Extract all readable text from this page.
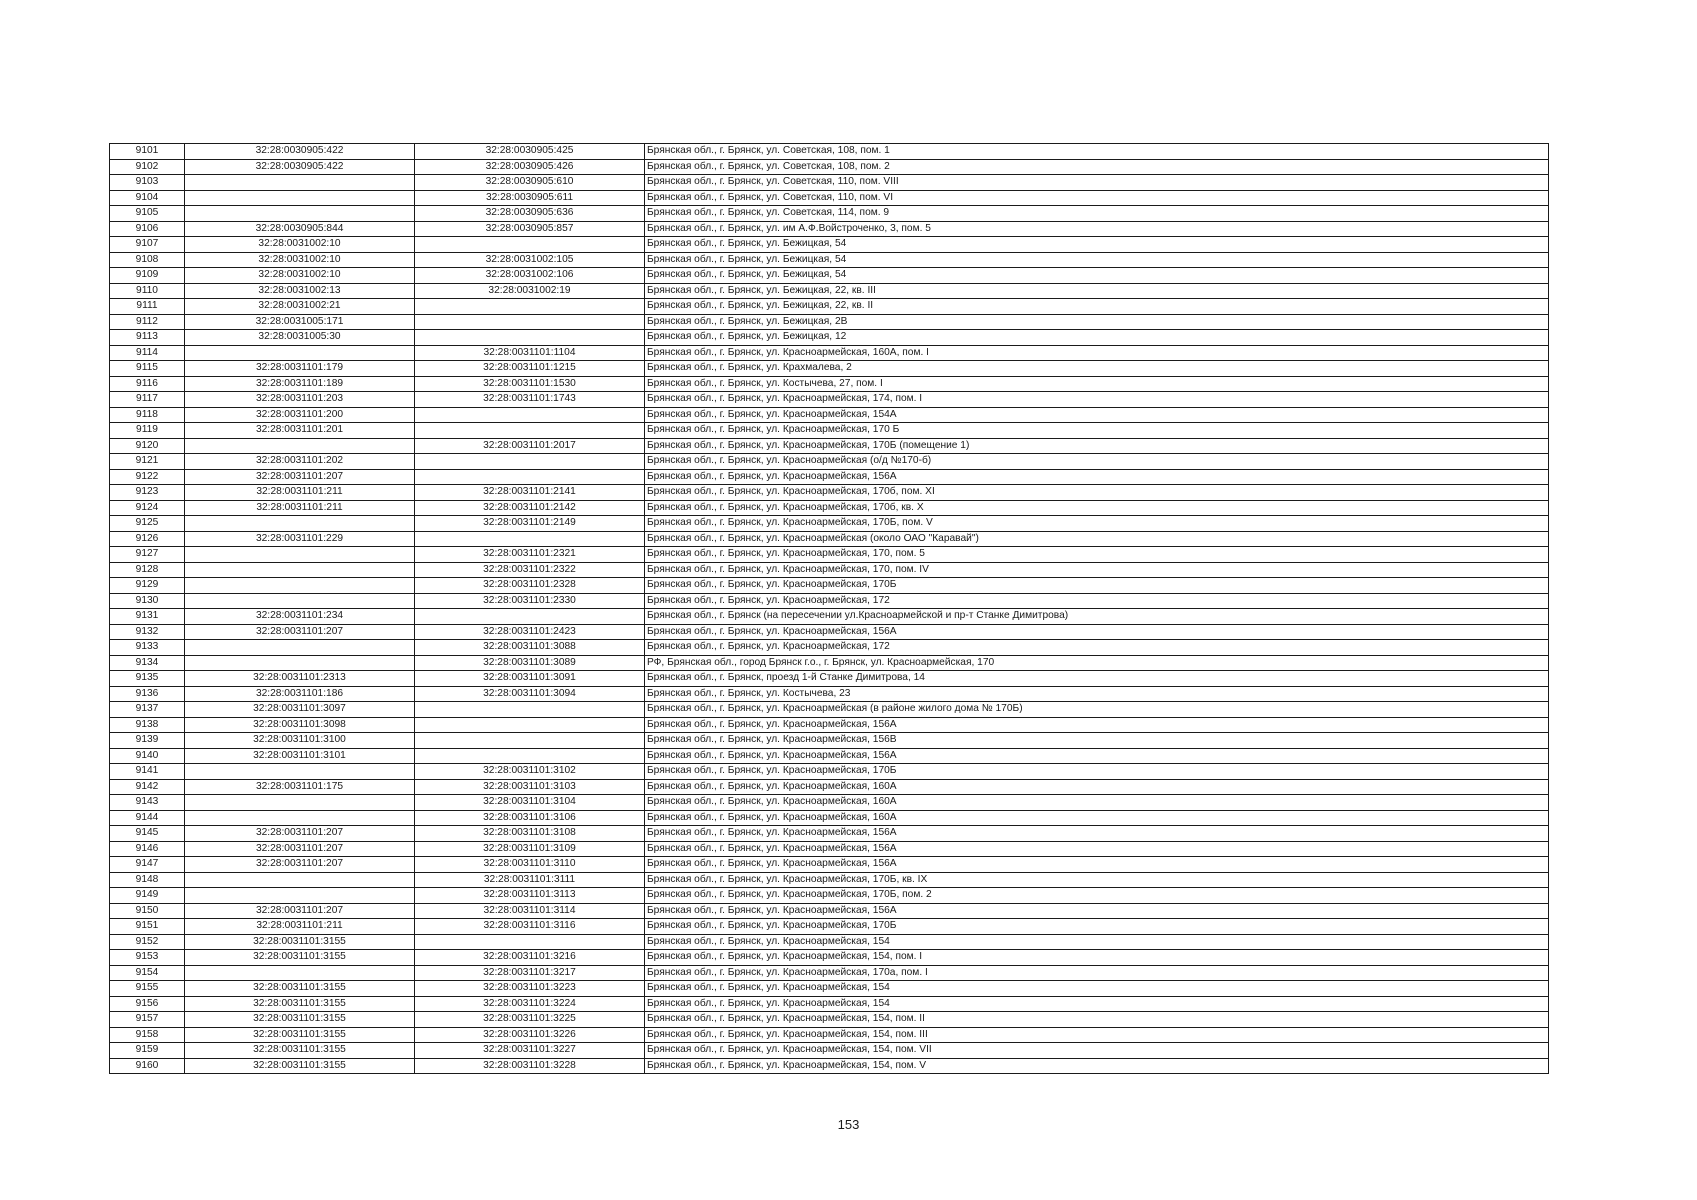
9101	32:28:0030905:422	32:28:0030905:425	Брянская обл., г. Брянск, ул. Советская, 108, пом. 1
9102	32:28:0030905:422	32:28:0030905:426	Брянская обл., г. Брянск, ул. Советская, 108, пом. 2
9103		32:28:0030905:610	Брянская обл., г. Брянск, ул. Советская, 110, пом. VIII
9104		32:28:0030905:611	Брянская обл., г. Брянск, ул. Советская, 110, пом. VI
9105		32:28:0030905:636	Брянская обл., г. Брянск, ул. Советская, 114, пом. 9
9106	32:28:0030905:844	32:28:0030905:857	Брянская обл., г. Брянск, ул. им А.Ф.Войстроченко, 3, пом. 5
9107	32:28:0031002:10		Брянская обл., г. Брянск, ул. Бежицкая, 54
9108	32:28:0031002:10	32:28:0031002:105	Брянская обл., г. Брянск, ул. Бежицкая, 54
9109	32:28:0031002:10	32:28:0031002:106	Брянская обл., г. Брянск, ул. Бежицкая, 54
9110	32:28:0031002:13	32:28:0031002:19	Брянская обл., г. Брянск, ул. Бежицкая, 22, кв. III
9111	32:28:0031002:21		Брянская обл., г. Брянск, ул. Бежицкая, 22, кв. II
9112	32:28:0031005:171		Брянская обл., г. Брянск, ул. Бежицкая, 2В
9113	32:28:0031005:30		Брянская обл., г. Брянск, ул. Бежицкая, 12
9114		32:28:0031101:1104	Брянская обл., г. Брянск, ул. Красноармейская, 160А, пом. I
9115	32:28:0031101:179	32:28:0031101:1215	Брянская обл., г. Брянск, ул. Крахмалева, 2
9116	32:28:0031101:189	32:28:0031101:1530	Брянская обл., г. Брянск, ул. Костычева, 27, пом. I
9117	32:28:0031101:203	32:28:0031101:1743	Брянская обл., г. Брянск, ул. Красноармейская, 174, пом. I
9118	32:28:0031101:200		Брянская обл., г. Брянск, ул. Красноармейская, 154А
9119	32:28:0031101:201		Брянская обл., г. Брянск, ул. Красноармейская, 170 Б
9120		32:28:0031101:2017	Брянская обл., г. Брянск, ул. Красноармейская, 170Б (помещение 1)
9121	32:28:0031101:202		Брянская обл., г. Брянск, ул. Красноармейская (о/д №170-б)
9122	32:28:0031101:207		Брянская обл., г. Брянск, ул. Красноармейская, 156А
9123	32:28:0031101:211	32:28:0031101:2141	Брянская обл., г. Брянск, ул. Красноармейская, 170б, пом. XI
9124	32:28:0031101:211	32:28:0031101:2142	Брянская обл., г. Брянск, ул. Красноармейская, 170б, кв. Х
9125		32:28:0031101:2149	Брянская обл., г. Брянск, ул. Красноармейская, 170Б, пом. V
9126	32:28:0031101:229		Брянская обл., г. Брянск, ул. Красноармейская (около ОАО "Каравай")
9127		32:28:0031101:2321	Брянская обл., г. Брянск, ул. Красноармейская, 170, пом. 5
9128		32:28:0031101:2322	Брянская обл., г. Брянск, ул. Красноармейская, 170, пом. IV
9129		32:28:0031101:2328	Брянская обл., г. Брянск, ул. Красноармейская, 170Б
9130		32:28:0031101:2330	Брянская обл., г. Брянск, ул. Красноармейская, 172
9131	32:28:0031101:234		Брянская обл., г. Брянск (на пересечении ул.Красноармейской и пр-т Станке Димитрова)
9132	32:28:0031101:207	32:28:0031101:2423	Брянская обл., г. Брянск, ул. Красноармейская, 156А
9133		32:28:0031101:3088	Брянская обл., г. Брянск, ул. Красноармейская, 172
9134		32:28:0031101:3089	РФ, Брянская обл., город Брянск г.о., г. Брянск, ул. Красноармейская, 170
9135	32:28:0031101:2313	32:28:0031101:3091	Брянская обл., г. Брянск, проезд 1-й Станке Димитрова, 14
9136	32:28:0031101:186	32:28:0031101:3094	Брянская обл., г. Брянск, ул. Костычева, 23
9137	32:28:0031101:3097		Брянская обл., г. Брянск, ул. Красноармейская (в районе жилого дома № 170Б)
9138	32:28:0031101:3098		Брянская обл., г. Брянск, ул. Красноармейская, 156А
9139	32:28:0031101:3100		Брянская обл., г. Брянск, ул. Красноармейская, 156В
9140	32:28:0031101:3101		Брянская обл., г. Брянск, ул. Красноармейская, 156А
9141		32:28:0031101:3102	Брянская обл., г. Брянск, ул. Красноармейская, 170Б
9142	32:28:0031101:175	32:28:0031101:3103	Брянская обл., г. Брянск, ул. Красноармейская, 160А
9143		32:28:0031101:3104	Брянская обл., г. Брянск, ул. Красноармейская, 160А
9144		32:28:0031101:3106	Брянская обл., г. Брянск, ул. Красноармейская, 160А
9145	32:28:0031101:207	32:28:0031101:3108	Брянская обл., г. Брянск, ул. Красноармейская, 156А
9146	32:28:0031101:207	32:28:0031101:3109	Брянская обл., г. Брянск, ул. Красноармейская, 156А
9147	32:28:0031101:207	32:28:0031101:3110	Брянская обл., г. Брянск, ул. Красноармейская, 156А
9148		32:28:0031101:3111	Брянская обл., г. Брянск, ул. Красноармейская, 170Б, кв. IX
9149		32:28:0031101:3113	Брянская обл., г. Брянск, ул. Красноармейская, 170Б, пом. 2
9150	32:28:0031101:207	32:28:0031101:3114	Брянская обл., г. Брянск, ул. Красноармейская, 156А
9151	32:28:0031101:211	32:28:0031101:3116	Брянская обл., г. Брянск, ул. Красноармейская, 170Б
9152	32:28:0031101:3155		Брянская обл., г. Брянск, ул. Красноармейская, 154
9153	32:28:0031101:3155	32:28:0031101:3216	Брянская обл., г. Брянск, ул. Красноармейская, 154, пом. I
9154		32:28:0031101:3217	Брянская обл., г. Брянск, ул. Красноармейская, 170а, пом. I
9155	32:28:0031101:3155	32:28:0031101:3223	Брянская обл., г. Брянск, ул. Красноармейская, 154
9156	32:28:0031101:3155	32:28:0031101:3224	Брянская обл., г. Брянск, ул. Красноармейская, 154
9157	32:28:0031101:3155	32:28:0031101:3225	Брянская обл., г. Брянск, ул. Красноармейская, 154, пом. II
9158	32:28:0031101:3155	32:28:0031101:3226	Брянская обл., г. Брянск, ул. Красноармейская, 154, пом. III
9159	32:28:0031101:3155	32:28:0031101:3227	Брянская обл., г. Брянск, ул. Красноармейская, 154, пом. VII
9160	32:28:0031101:3155	32:28:0031101:3228	Брянская обл., г. Брянск, ул. Красноармейская, 154, пом. V
153
